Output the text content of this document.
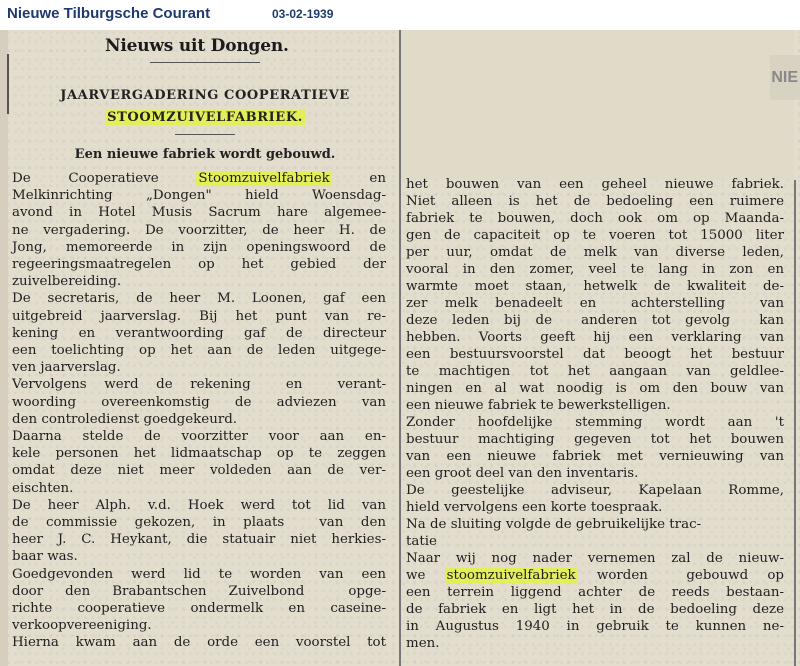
Nieuwe Tilburgsche Courant	03-02-1939
NIE
Nieuws uit Dongen.
JAARVERGADERING COOPERATIEVE
STOOMZUIVELFABRIEK.
Een nieuwe fabriek wordt gebouwd.
De Cooperatieve Stoomzuivelfabriek en
Melkinrichting „Dongen" hield Woensdag-
avond in Hotel Musis Sacrum hare algemee-
ne vergadering. De voorzitter, de heer H. de
Jong, memoreerde in zijn openingswoord de
regeeringsmaatregelen  op  het  gebied  der
zuivelbereiding.
De secretaris, de heer M. Loonen, gaf een
uitgebreid jaarverslag. Bij het punt van re-
kening en verantwoording gaf de directeur
een toelichting op het aan de leden uitgege-
ven jaarverslag.
Vervolgens werd de rekening  en  verant-
woording overeenkomstig de adviezen van
den controledienst goedgekeurd.
Daarna stelde de voorzitter voor aan en-
kele personen het lidmaatschap op te zeggen
omdat deze niet meer voldeden aan de ver-
eischten.
De heer Alph. v.d. Hoek werd tot lid van
de commissie gekozen, in plaats  van den
heer J. C. Heykant, die statuair niet herkies-
baar was.
Goedgevonden werd lid te worden van een
door den Brabantschen Zuivelbond  opge-
richte cooperatieve ondermelk en caseine-
verkoopvereeniging.
Hierna kwam aan de orde een voorstel tot
het bouwen van een geheel nieuwe fabriek.
Niet alleen is het de bedoeling een ruimere
fabriek te bouwen, doch ook om op Maanda-
gen de capaciteit op te voeren tot 15000 liter
per uur, omdat de melk van diverse leden,
vooral in den zomer, veel te lang in zon en
warmte moet staan, hetwelk de kwaliteit de-
zer melk benadeelt en  achterstelling  van
deze leden bij de  anderen tot gevolg  kan
hebben. Voorts geeft hij een verklaring van
een bestuursvoorstel dat beoogt het bestuur
te machtigen tot het aangaan van geldlee-
ningen en al wat noodig is om den bouw van
een nieuwe fabriek te bewerkstelligen.
Zonder hoofdelijke stemming wordt aan 't
bestuur machtiging gegeven tot het bouwen
van een nieuwe fabriek met vernieuwing van
een groot deel van den inventaris.
De geestelijke adviseur, Kapelaan Romme,
hield vervolgens een korte toespraak.
Na de sluiting volgde de gebruikelijke trac-
tatie
Naar wij nog nader vernemen zal de nieuw-
we stoomzuivelfabriek worden  gebouwd op
een terrein liggend achter de reeds bestaan-
de fabriek en ligt het in de bedoeling deze
in Augustus 1940 in gebruik te kunnen ne-
men.
